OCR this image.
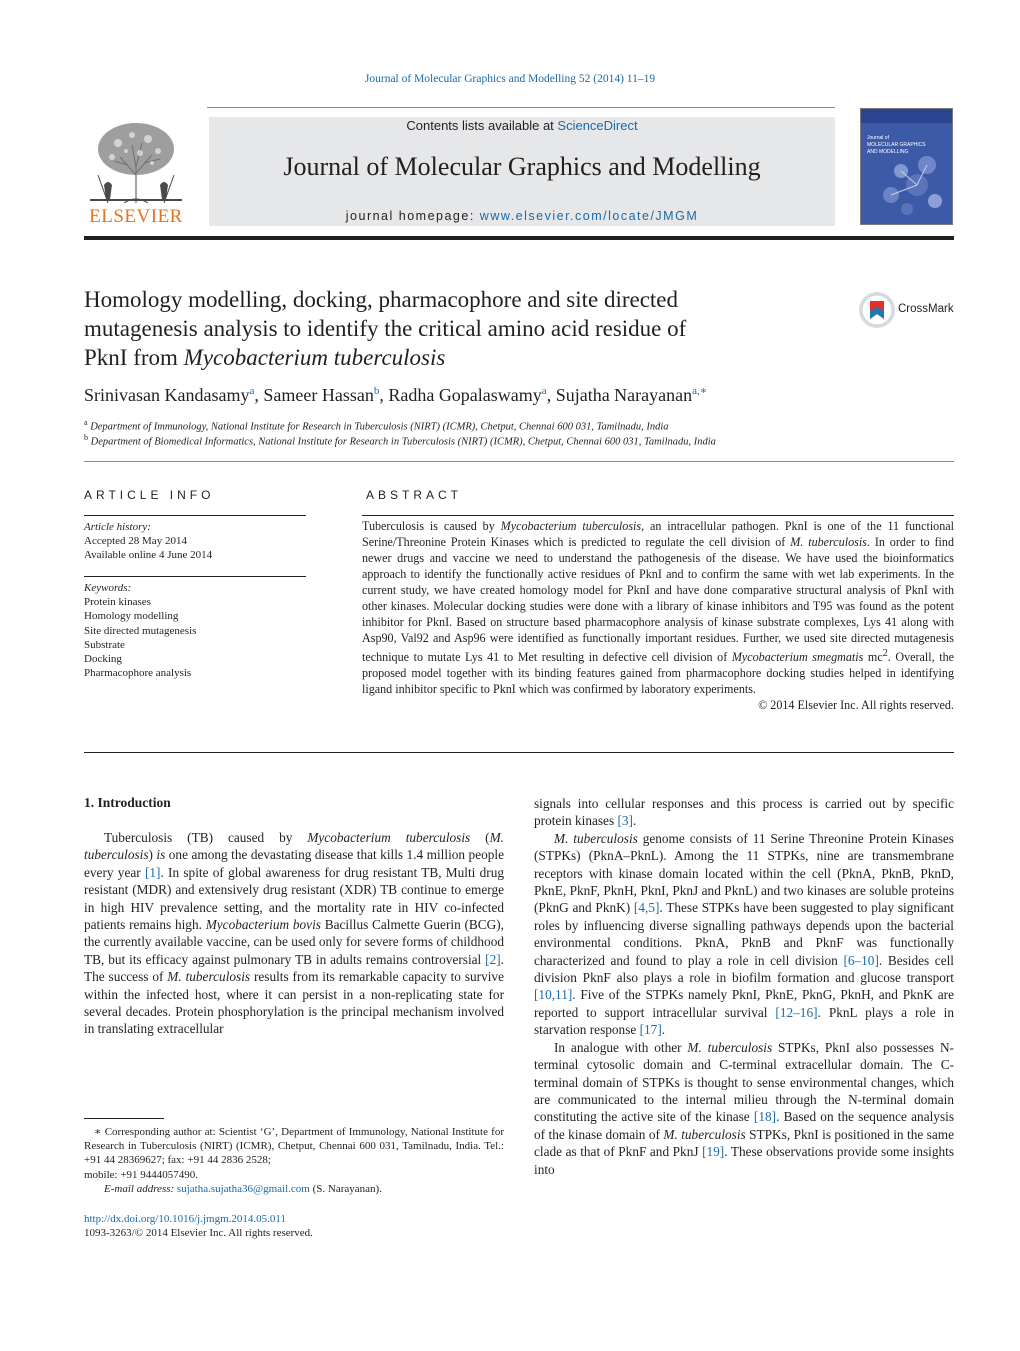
Journal of Molecular Graphics and Modelling 52 (2014) 11–19
ELSEVIER
Contents lists available at ScienceDirect
Journal of Molecular Graphics and Modelling
journal homepage: www.elsevier.com/locate/JMGM
Journal of
MOLECULAR GRAPHICS
AND MODELLING
Homology modelling, docking, pharmacophore and site directed
mutagenesis analysis to identify the critical amino acid residue of
PknI from Mycobacterium tuberculosis
CrossMark
Srinivasan Kandasamy$^a$, Sameer Hassan$^b$, Radha Gopalaswamy$^a$, Sujatha Narayanan$^{a,∗}$
$^a$ Department of Immunology, National Institute for Research in Tuberculosis (NIRT) (ICMR), Chetput, Chennai 600 031, Tamilnadu, India
$^b$ Department of Biomedical Informatics, National Institute for Research in Tuberculosis (NIRT) (ICMR), Chetput, Chennai 600 031, Tamilnadu, India
ARTICLE INFO
Article history:
Accepted 28 May 2014
Available online 4 June 2014
Keywords:
Protein kinases
Homology modelling
Site directed mutagenesis
Substrate
Docking
Pharmacophore analysis
ABSTRACT
Tuberculosis is caused by Mycobacterium tuberculosis, an intracellular pathogen. PknI is one of the 11 functional Serine/Threonine Protein Kinases which is predicted to regulate the cell division of M. tuberculosis. In order to find newer drugs and vaccine we need to understand the pathogenesis of the disease. We have used the bioinformatics approach to identify the functionally active residues of PknI and to confirm the same with wet lab experiments. In the current study, we have created homology model for PknI and have done comparative structural analysis of PknI with other kinases. Molecular docking studies were done with a library of kinase inhibitors and T95 was found as the potent inhibitor for PknI. Based on structure based pharmacophore analysis of kinase substrate complexes, Lys 41 along with Asp90, Val92 and Asp96 were identified as functionally important residues. Further, we used site directed mutagenesis technique to mutate Lys 41 to Met resulting in defective cell division of Mycobacterium smegmatis $mc^2$. Overall, the proposed model together with its binding features gained from pharmacophore docking studies helped in identifying ligand inhibitor specific to PknI which was confirmed by laboratory experiments.
© 2014 Elsevier Inc. All rights reserved.
1. Introduction

Tuberculosis (TB) caused by Mycobacterium tuberculosis (M. tuberculosis) is one among the devastating disease that kills 1.4 million people every year [1]. In spite of global awareness for drug resistant TB, Multi drug resistant (MDR) and extensively drug resistant (XDR) TB continue to emerge in high HIV prevalence setting, and the mortality rate in HIV co-infected patients remains high. Mycobacterium bovis Bacillus Calmette Guerin (BCG), the currently available vaccine, can be used only for severe forms of childhood TB, but its efficacy against pulmonary TB in adults remains controversial [2]. The success of M. tuberculosis results from its remarkable capacity to survive within the infected host, where it can persist in a non-replicating state for several decades. Protein phosphorylation is the principal mechanism involved in translating extracellular

signals into cellular responses and this process is carried out by specific protein kinases [3].

M. tuberculosis genome consists of 11 Serine Threonine Protein Kinases (STPKs) (PknA–PknL). Among the 11 STPKs, nine are transmembrane receptors with kinase domain located within the cell (PknA, PknB, PknD, PknE, PknF, PknH, PknI, PknJ and PknL) and two kinases are soluble proteins (PknG and PknK) [4,5]. These STPKs have been suggested to play significant roles by influencing diverse signalling pathways depends upon the bacterial environmental conditions. PknA, PknB and PknF was functionally characterized and found to play a role in cell division [6–10]. Besides cell division PknF also plays a role in biofilm formation and glucose transport [10,11]. Five of the STPKs namely PknI, PknE, PknG, PknH, and PknK are reported to support intracellular survival [12–16]. PknL plays a role in starvation response [17].

In analogue with other M. tuberculosis STPKs, PknI also possesses N-terminal cytosolic domain and C-terminal extracellular domain. The C-terminal domain of STPKs is thought to sense environmental changes, which are communicated to the internal milieu through the N-terminal domain constituting the active site of the kinase [18]. Based on the sequence analysis of the kinase domain of M. tuberculosis STPKs, PknI is positioned in the same clade as that of PknF and PknJ [19]. These observations provide some insights into

∗ Corresponding author at: Scientist ‘G’, Department of Immunology, National Institute for Research in Tuberculosis (NIRT) (ICMR), Chetput, Chennai 600 031, Tamilnadu, India. Tel.: +91 44 28369627; fax: +91 44 2836 2528;
mobile: +91 9444057490.
E-mail address: sujatha.sujatha36@gmail.com (S. Narayanan).
http://dx.doi.org/10.1016/j.jmgm.2014.05.011
1093-3263/© 2014 Elsevier Inc. All rights reserved.
